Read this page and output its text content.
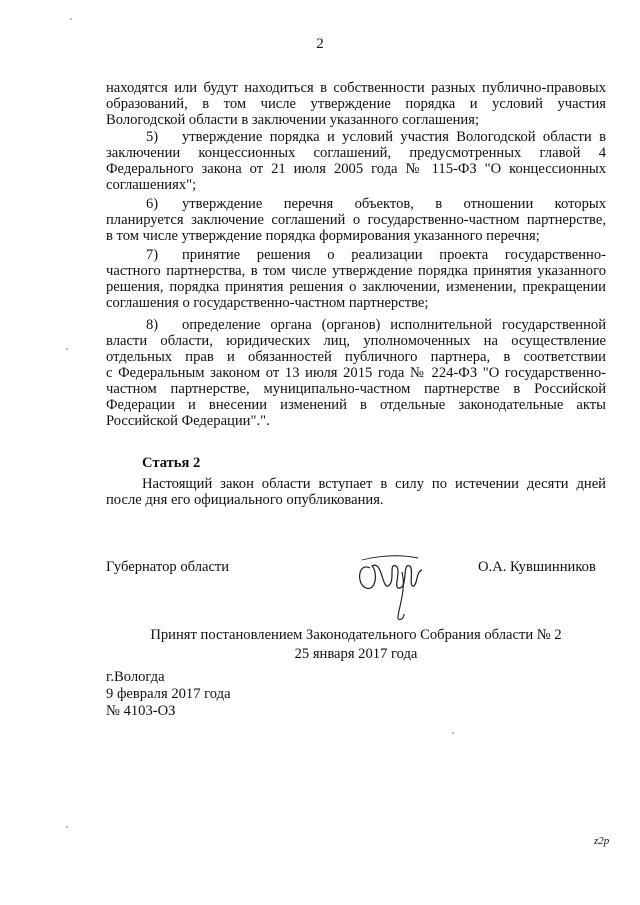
2
находятся или будут находиться в собственности разных публично-правовых
образований, в том числе утверждение порядка и условий участия
Вологодской области в заключении указанного соглашения;
5) утверждение порядка и условий участия Вологодской области в
заключении концессионных соглашений, предусмотренных главой 4
Федерального закона от 21 июля 2005 года № 115-ФЗ "О концессионных
соглашениях";
6) утверждение перечня объектов, в отношении которых
планируется заключение соглашений о государственно-частном партнерстве,
в том числе утверждение порядка формирования указанного перечня;
7) принятие решения о реализации проекта государственно-
частного партнерства, в том числе утверждение порядка принятия указанного
решения, порядка принятия решения о заключении, изменении, прекращении
соглашения о государственно-частном партнерстве;
8) определение органа (органов) исполнительной государственной
власти области, юридических лиц, уполномоченных на осуществление
отдельных прав и обязанностей публичного партнера, в соответствии
с Федеральным законом от 13 июля 2015 года № 224-ФЗ "О государственно-
частном партнерстве, муниципально-частном партнерстве в Российской
Федерации и внесении изменений в отдельные законодательные акты
Российской Федерации".".
Статья 2
Настоящий закон области вступает в силу по истечении десяти дней
после дня его официального опубликования.
Губернатор области	О.А. Кувшинников
Принят постановлением Законодательного Собрания области № 2
25 января 2017 года
г.Вологда
9 февраля 2017 года
№ 4103-ОЗ
z2p
